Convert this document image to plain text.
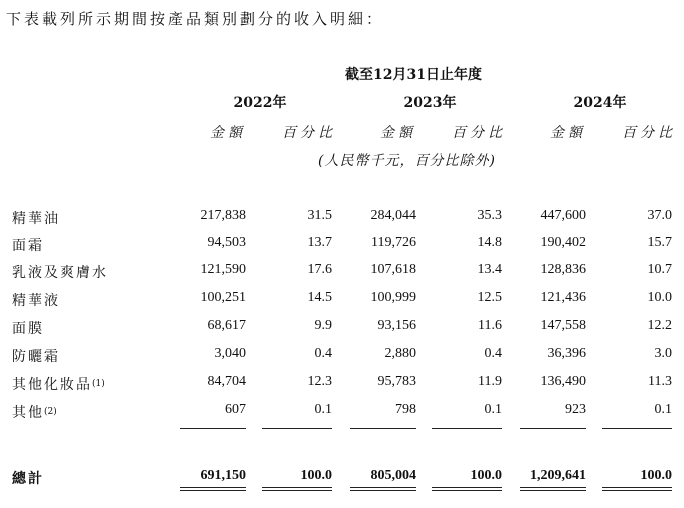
下表載列所示期間按產品類別劃分的收入明細：
截至12月31日止年度
2022年	2023年	2024年
金額	百分比	金額	百分比	金額	百分比
(人民幣千元，百分比除外)
精華油	217,838	31.5	284,044	35.3	447,600	37.0
面霜	94,503	13.7	119,726	14.8	190,402	15.7
乳液及爽膚水	121,590	17.6	107,618	13.4	128,836	10.7
精華液	100,251	14.5	100,999	12.5	121,436	10.0
面膜	68,617	9.9	93,156	11.6	147,558	12.2
防曬霜	3,040	0.4	2,880	0.4	36,396	3.0
其他化妝品$^{(1)}$	84,704	12.3	95,783	11.9	136,490	11.3
其他$^{(2)}$	607	0.1	798	0.1	923	0.1
總計	691,150	100.0	805,004	100.0	1,209,641	100.0
